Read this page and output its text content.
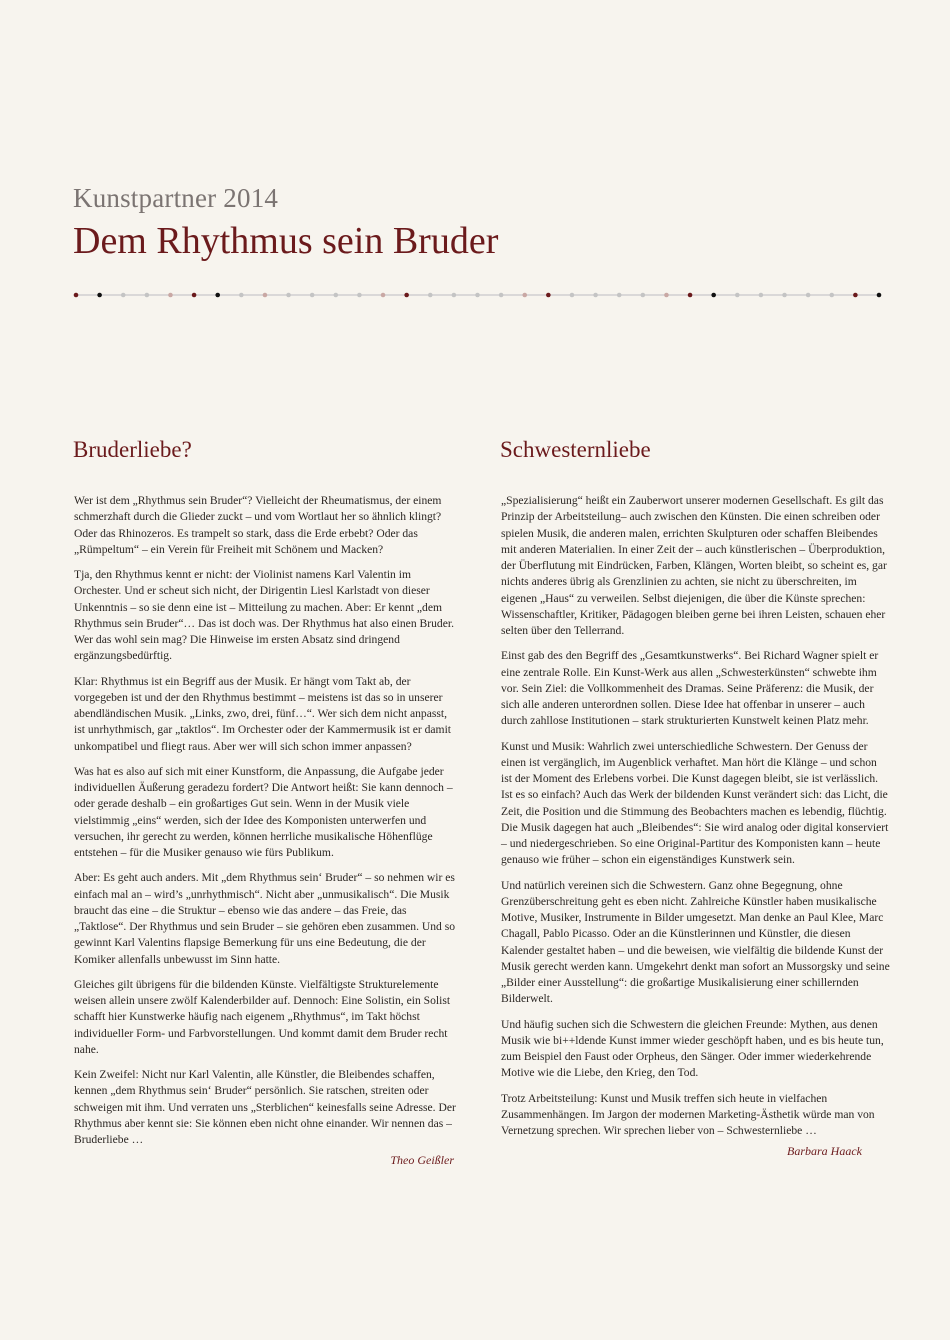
Kunstpartner 2014
Dem Rhythmus sein Bruder
Bruderliebe?

Wer ist dem „Rhythmus sein Bruder“? Vielleicht der Rheumatismus, der einem schmerzhaft durch die Glieder zuckt – und vom Wortlaut her so ähnlich klingt? Oder das Rhinozeros. Es trampelt so stark, dass die Erde erbebt? Oder das „Rümpeltum“ – ein Verein für Freiheit mit Schönem und Macken?

Tja, den Rhythmus kennt er nicht: der Violinist namens Karl Valentin im Orchester. Und er scheut sich nicht, der Dirigentin Liesl Karlstadt von dieser Unkenntnis – so sie denn eine ist – Mitteilung zu machen. Aber: Er kennt „dem Rhythmus sein Bruder“… Das ist doch was. Der Rhythmus hat also einen Bruder. Wer das wohl sein mag? Die Hinweise im ersten Absatz sind dringend ergänzungsbedürftig.

Klar: Rhythmus ist ein Begriff aus der Musik. Er hängt vom Takt ab, der vorgegeben ist und der den Rhythmus bestimmt – meistens ist das so in unserer abendländischen Musik. „Links, zwo, drei, fünf…“. Wer sich dem nicht anpasst, ist unrhythmisch, gar „taktlos“. Im Orchester oder der Kammermusik ist er damit unkompatibel und fliegt raus. Aber wer will sich schon immer anpassen?

Was hat es also auf sich mit einer Kunstform, die Anpassung, die Aufgabe jeder individuellen Äußerung geradezu fordert? Die Antwort heißt: Sie kann dennoch – oder gerade deshalb – ein großartiges Gut sein. Wenn in der Musik viele vielstimmig „eins“ werden, sich der Idee des Komponisten unterwerfen und versuchen, ihr gerecht zu werden, können herrliche musikalische Höhenflüge entstehen – für die Musiker genauso wie fürs Publikum.

Aber: Es geht auch anders. Mit „dem Rhythmus sein‘ Bruder“ – so nehmen wir es einfach mal an – wird’s „unrhythmisch“. Nicht aber „unmusikalisch“. Die Musik braucht das eine – die Struktur – ebenso wie das andere – das Freie, das „Taktlose“. Der Rhythmus und sein Bruder – sie gehören eben zusammen. Und so gewinnt Karl Valentins flapsige Bemerkung für uns eine Bedeutung, die der Komiker allenfalls unbewusst im Sinn hatte.

Gleiches gilt übrigens für die bildenden Künste. Vielfältigste Strukturelemente weisen allein unsere zwölf Kalenderbilder auf. Dennoch: Eine Solistin, ein Solist schafft hier Kunstwerke häufig nach eigenem „Rhythmus“, im Takt höchst individueller Form- und Farbvorstellungen. Und kommt damit dem Bruder recht nahe.

Kein Zweifel: Nicht nur Karl Valentin, alle Künstler, die Bleibendes schaffen, kennen „dem Rhythmus sein‘ Bruder“ persönlich. Sie ratschen, streiten oder schweigen mit ihm. Und verraten uns „Sterblichen“ keinesfalls seine Adresse. Der Rhythmus aber kennt sie: Sie können eben nicht ohne einander. Wir nennen das – Bruderliebe …

Theo Geißler
Schwesternliebe

„Spezialisierung“ heißt ein Zauberwort unserer modernen Gesellschaft. Es gilt das Prinzip der Arbeitsteilung– auch zwischen den Künsten. Die einen schreiben oder spielen Musik, die anderen malen, errichten Skulpturen oder schaffen Bleibendes mit anderen Materialien. In einer Zeit der – auch künstlerischen – Überproduktion, der Überflutung mit Eindrücken, Farben, Klängen, Worten bleibt, so scheint es, gar nichts anderes übrig als Grenzlinien zu achten, sie nicht zu überschreiten, im eigenen „Haus“ zu verweilen. Selbst diejenigen, die über die Künste sprechen: Wissenschaftler, Kritiker, Pädagogen bleiben gerne bei ihren Leisten, schauen eher selten über den Tellerrand.

Einst gab des den Begriff des „Gesamtkunstwerks“. Bei Richard Wagner spielt er eine zentrale Rolle. Ein Kunst-Werk aus allen „Schwesterkünsten“ schwebte ihm vor. Sein Ziel: die Vollkommenheit des Dramas. Seine Präferenz: die Musik, der sich alle anderen unterordnen sollen. Diese Idee hat offenbar in unserer – auch durch zahllose Institutionen – stark strukturierten Kunstwelt keinen Platz mehr.

Kunst und Musik: Wahrlich zwei unterschiedliche Schwestern. Der Genuss der einen ist vergänglich, im Augenblick verhaftet. Man hört die Klänge – und schon ist der Moment des Erlebens vorbei. Die Kunst dagegen bleibt, sie ist verlässlich. Ist es so einfach? Auch das Werk der bildenden Kunst verändert sich: das Licht, die Zeit, die Position und die Stimmung des Beobachters machen es lebendig, flüchtig. Die Musik dagegen hat auch „Bleibendes“: Sie wird analog oder digital konserviert – und niedergeschrieben. So eine Original-Partitur des Komponisten kann – heute genauso wie früher – schon ein eigenständiges Kunstwerk sein.

Und natürlich vereinen sich die Schwestern. Ganz ohne Begegnung, ohne Grenzüberschreitung geht es eben nicht. Zahlreiche Künstler haben musikalische Motive, Musiker, Instrumente in Bilder umgesetzt. Man denke an Paul Klee, Marc Chagall, Pablo Picasso. Oder an die Künstlerinnen und Künstler, die diesen Kalender gestaltet haben – und die beweisen, wie vielfältig die bildende Kunst der Musik gerecht werden kann. Umgekehrt denkt man sofort an Mussorgsky und seine „Bilder einer Ausstellung“: die großartige Musikalisierung einer schillernden Bilderwelt.

Und häufig suchen sich die Schwestern die gleichen Freunde: Mythen, aus denen Musik wie bi++ldende Kunst immer wieder geschöpft haben, und es bis heute tun, zum Beispiel den Faust oder Orpheus, den Sänger. Oder immer wiederkehrende Motive wie die Liebe, den Krieg, den Tod.

Trotz Arbeitsteilung: Kunst und Musik treffen sich heute in vielfachen Zusammenhängen. Im Jargon der modernen Marketing-Ästhetik würde man von Vernetzung sprechen. Wir sprechen lieber von – Schwesternliebe …

Barbara Haack
